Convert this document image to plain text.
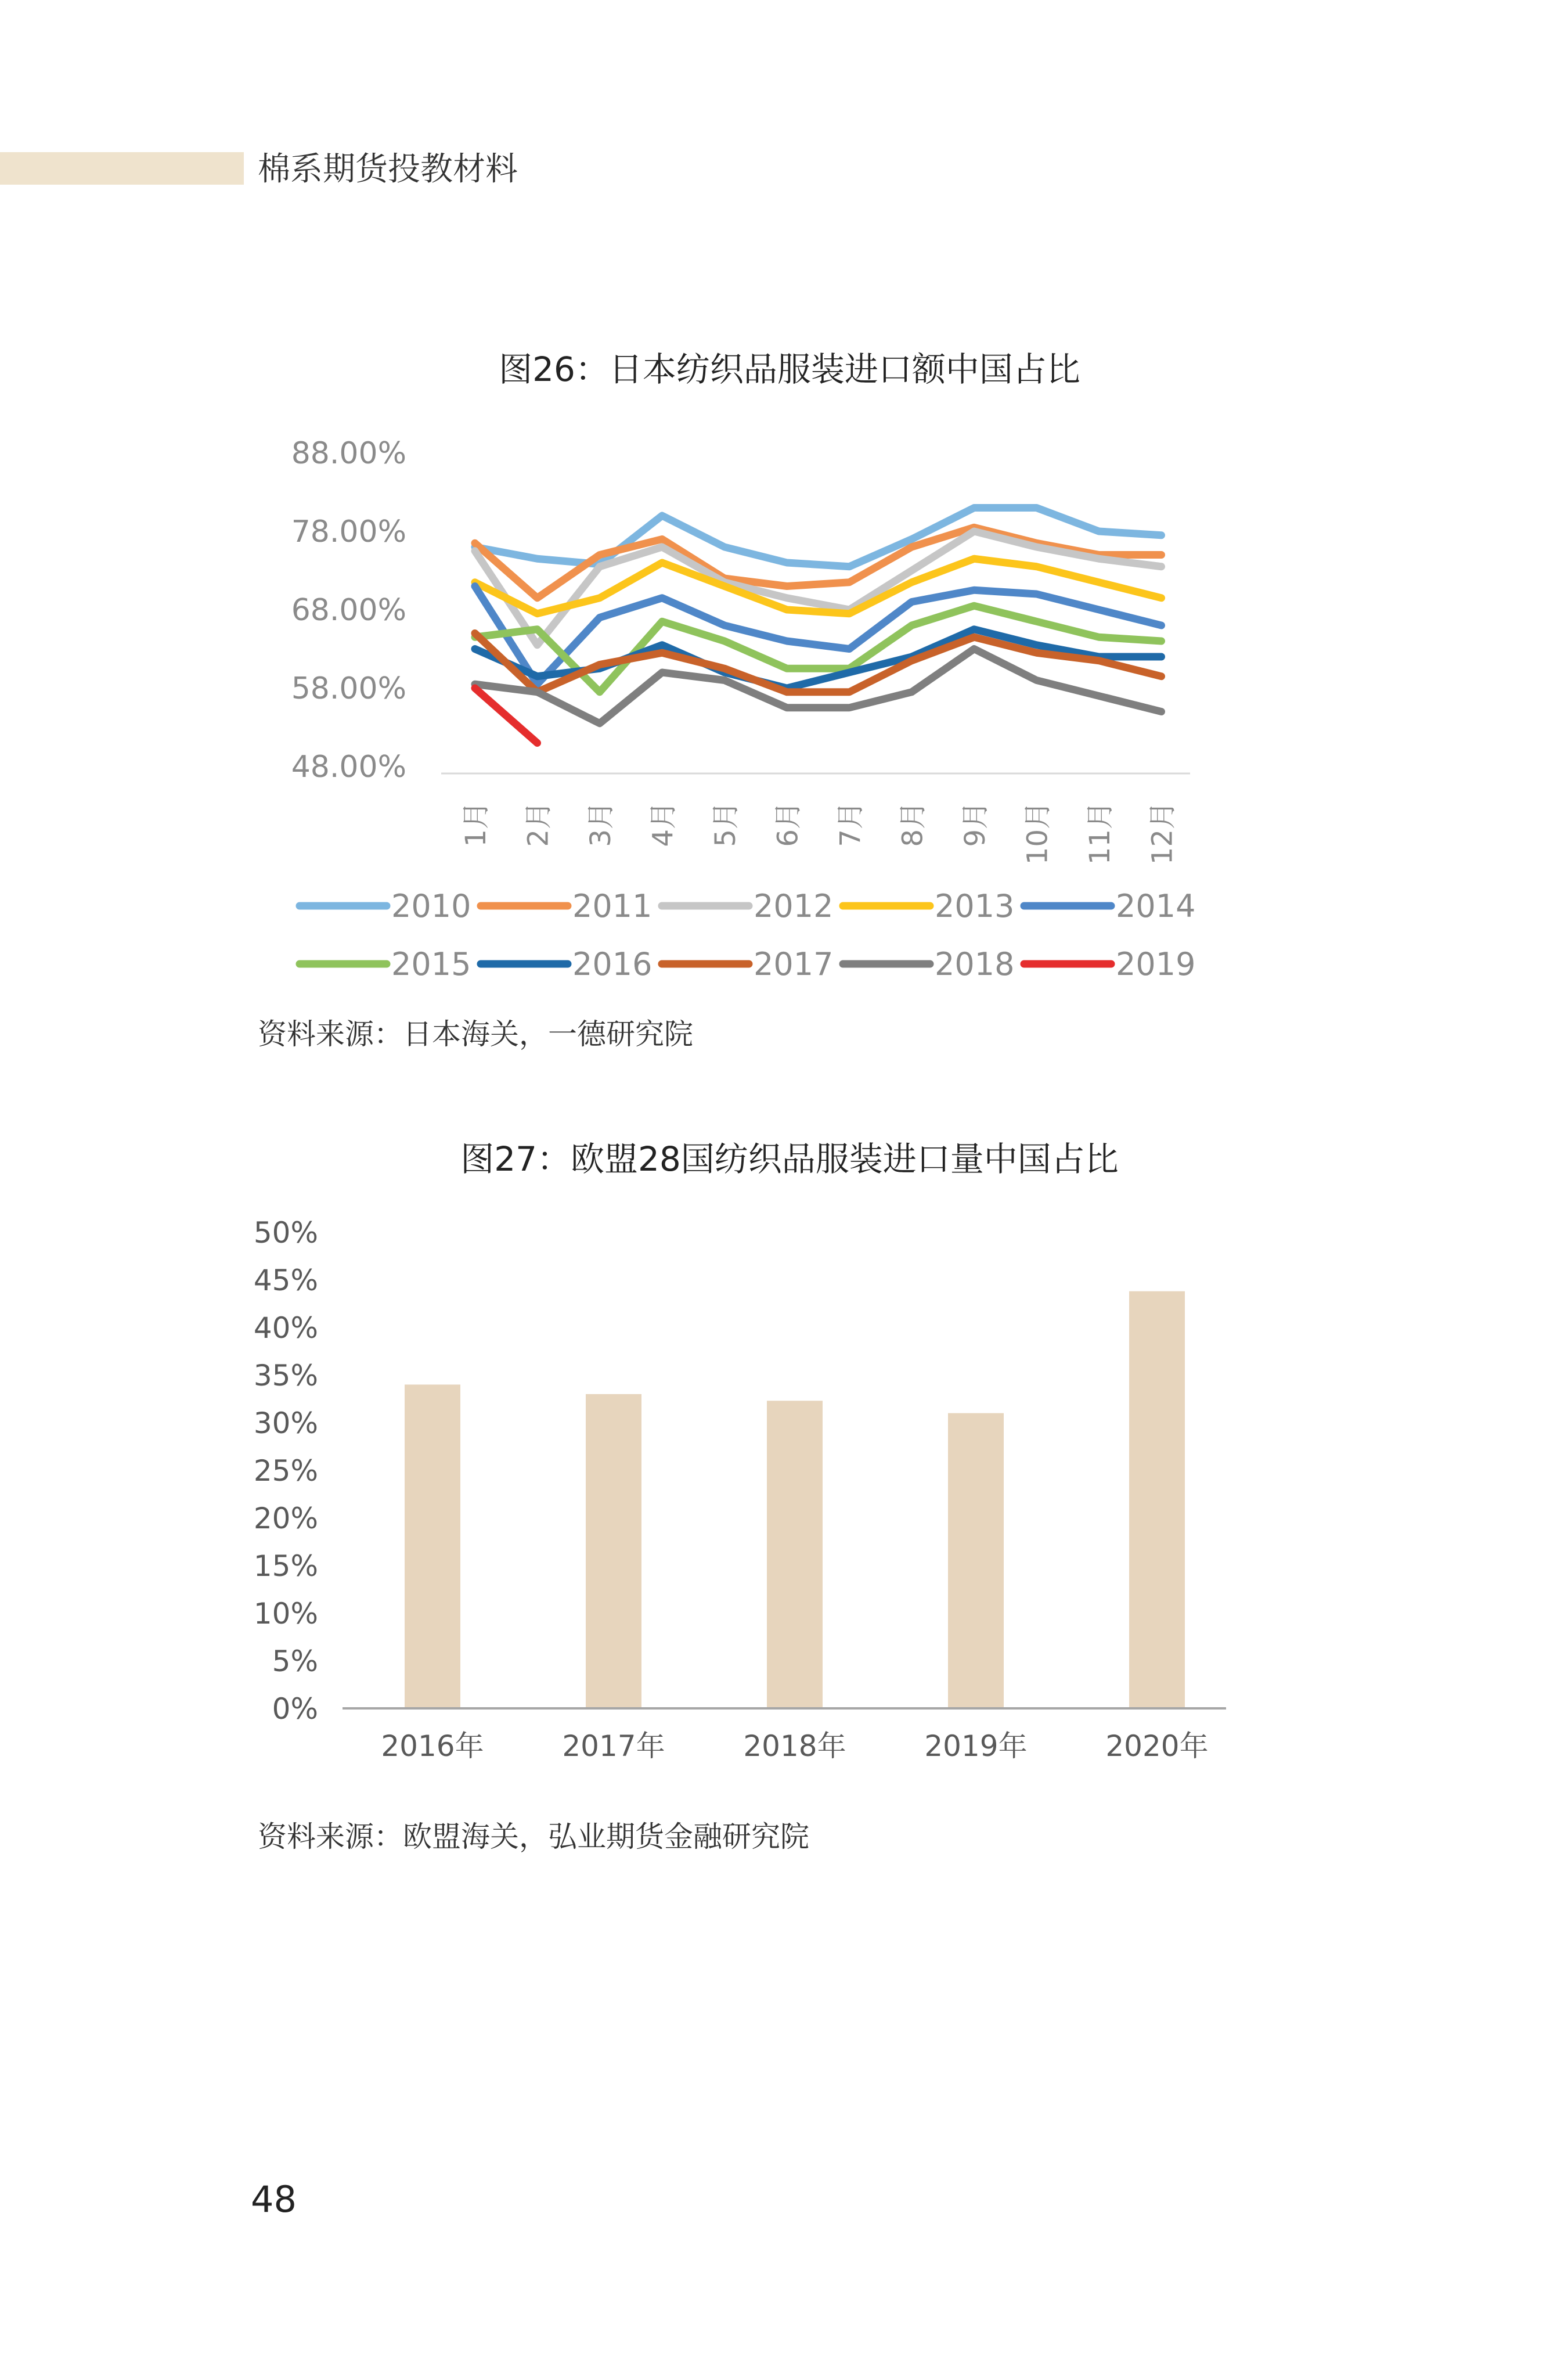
棉系期货投教材料
图26：日本纺织品服装进口额中国占比
88.00%
78.00%
68.00%
58.00%
48.00%
1月 2月 3月 4月 5月 6月 7月 8月 9月 10月 11月 12月
2010	2011	2012	2013	2014
2015	2016	2017	2018	2019
资料来源：日本海关，一德研究院
图27：欧盟28国纺织品服装进口量中国占比
50%
45%
40%
35%
30%
25%
20%
15%
10%
5%
0%
2016年	2017年	2018年	2019年	2020年
资料来源：欧盟海关，弘业期货金融研究院
48
